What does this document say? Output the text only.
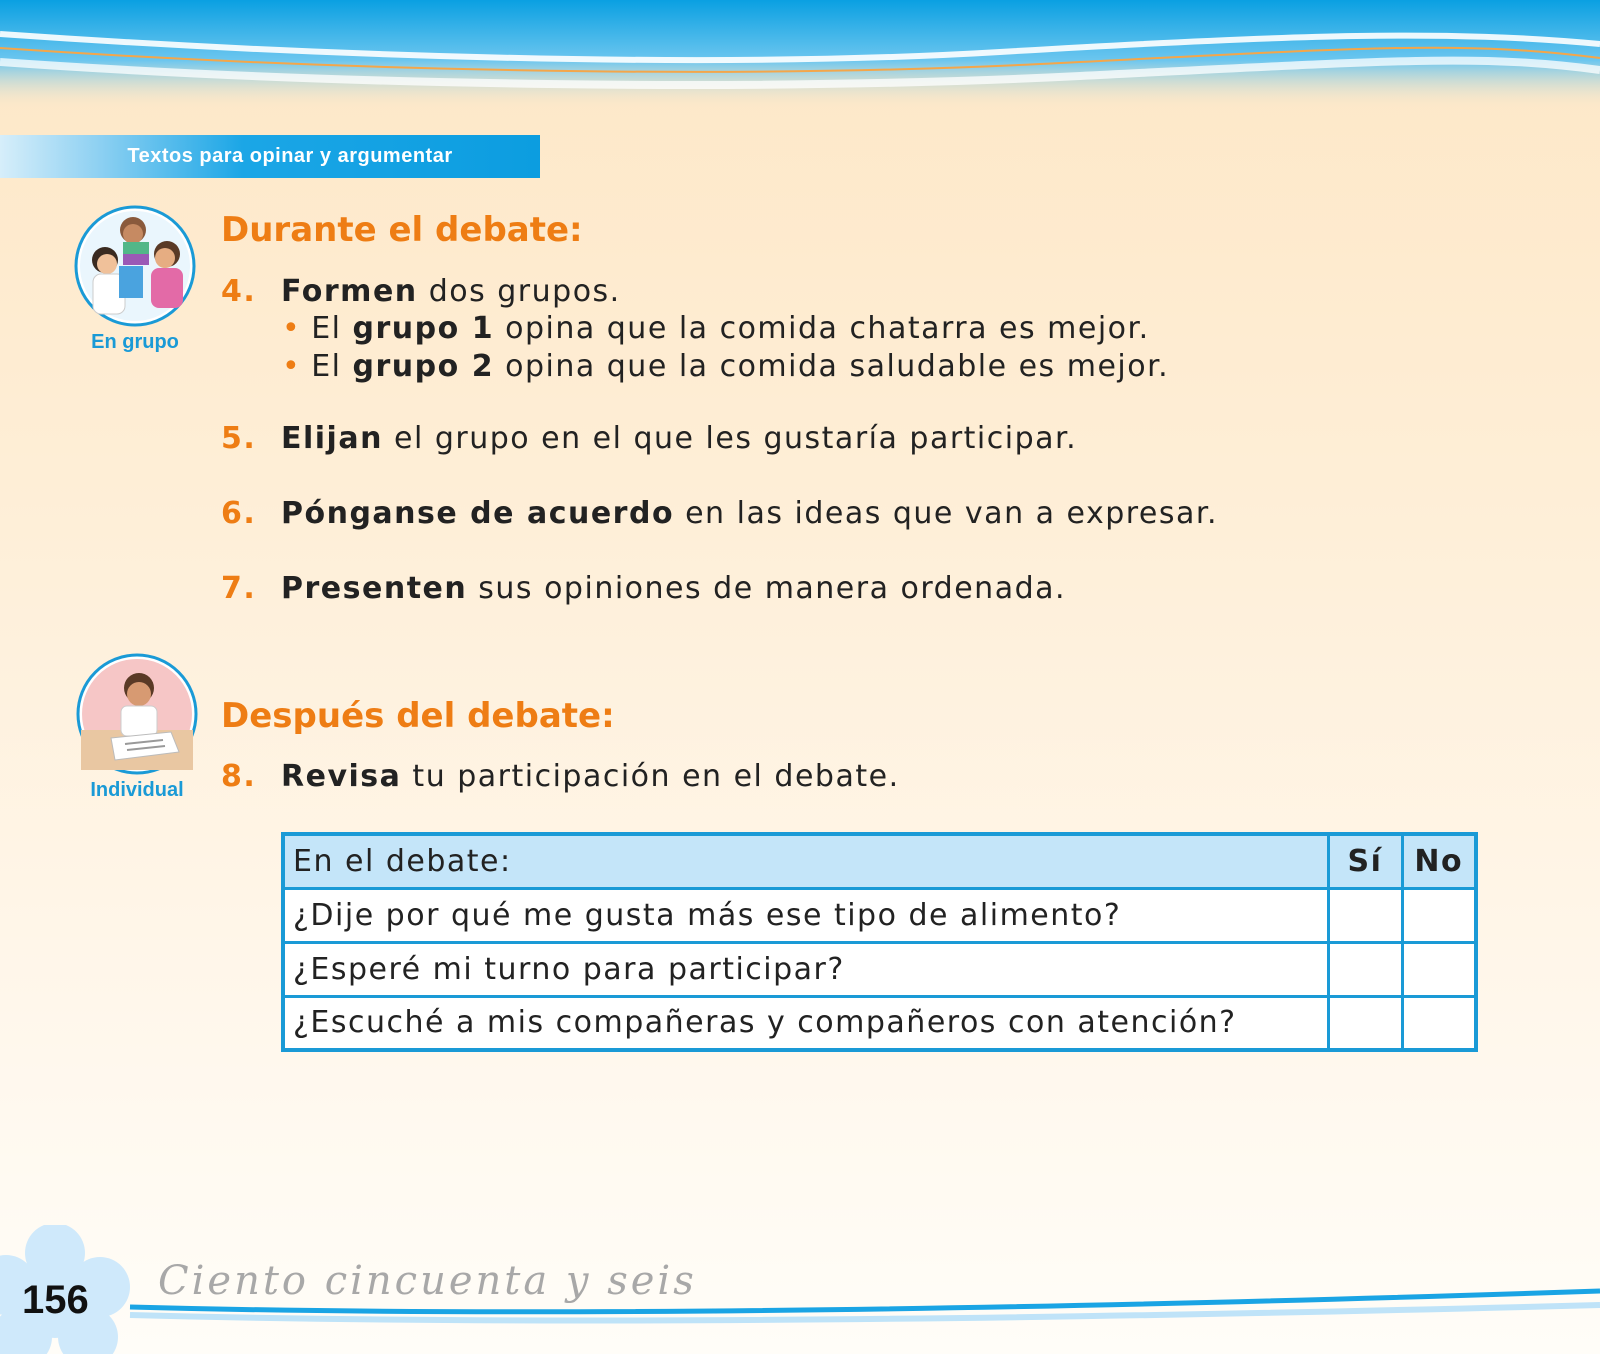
Textos para opinar y argumentar
En grupo
Individual
Durante el debate:
4. Formen dos grupos.
• El grupo 1 opina que la comida chatarra es mejor.
• El grupo 2 opina que la comida saludable es mejor.
5. Elijan el grupo en el que les gustaría participar.
6. Pónganse de acuerdo en las ideas que van a expresar.
7. Presenten sus opiniones de manera ordenada.
Después del debate:
8. Revisa tu participación en el debate.
En el debate:	Sí	No
¿Dije por qué me gusta más ese tipo de alimento?		
¿Esperé mi turno para participar?		
¿Escuché a mis compañeras y compañeros con atención?		
156 Ciento cincuenta y seis
